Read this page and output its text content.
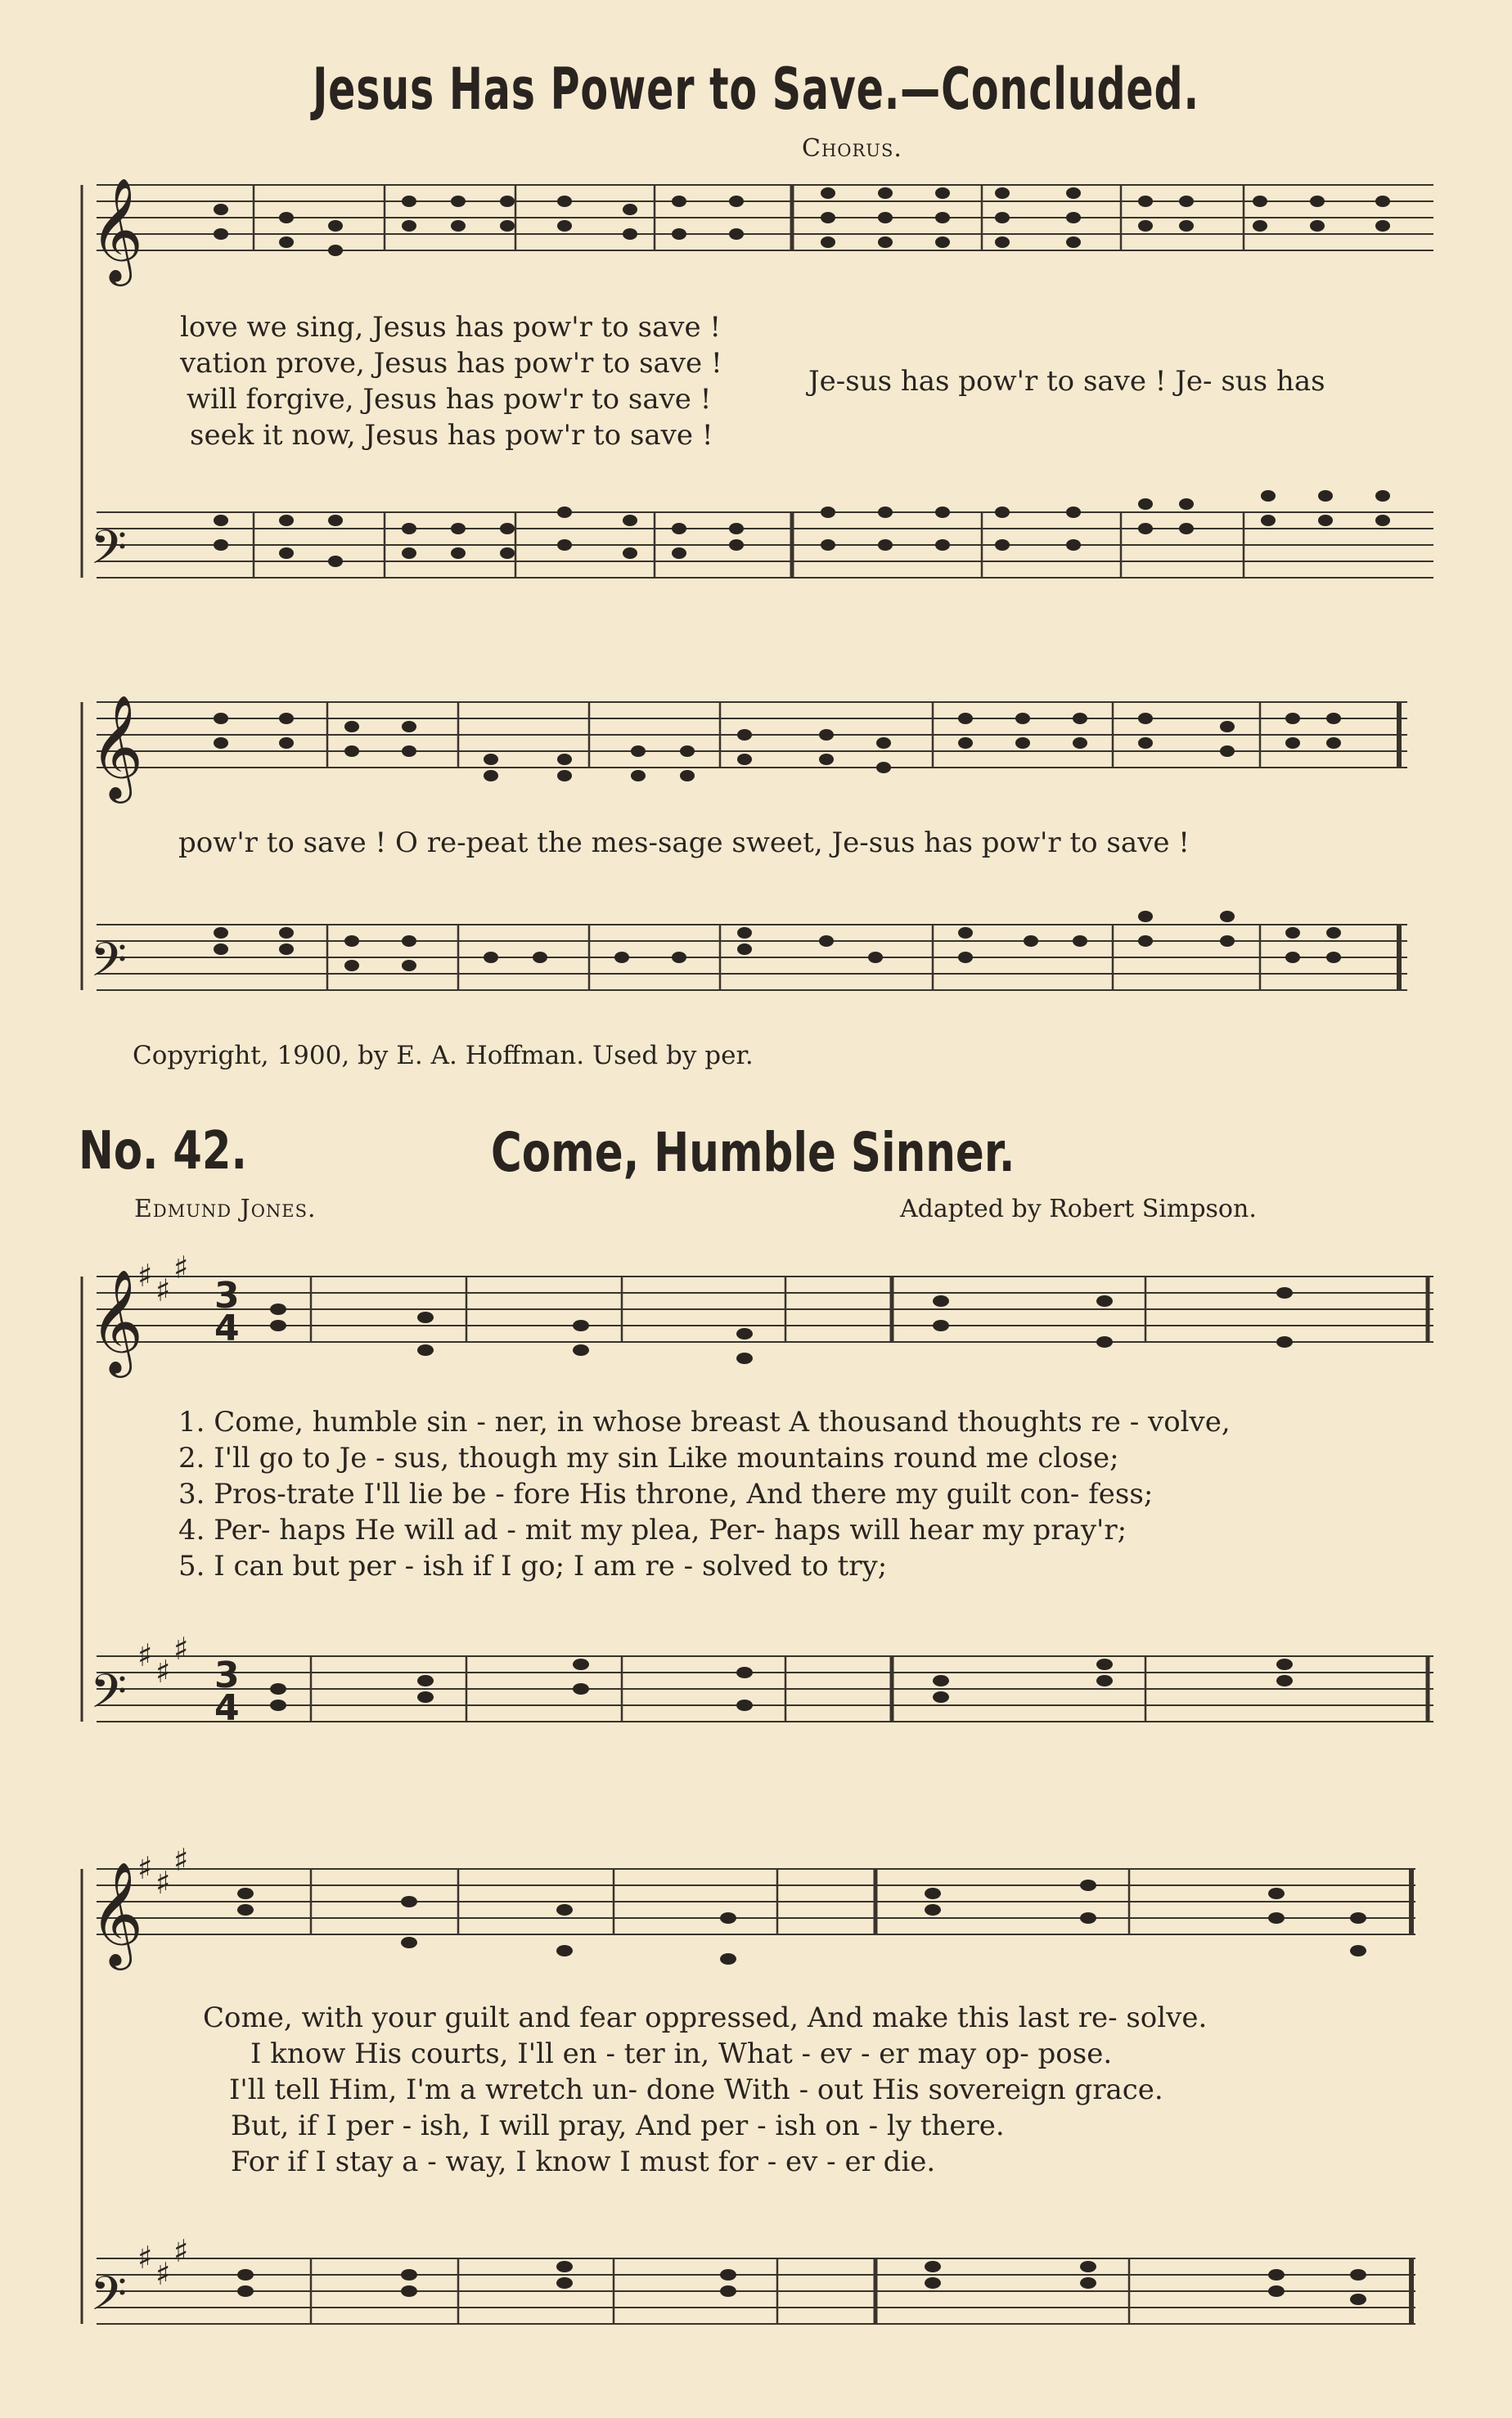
Jesus Has Power to Save.—Concluded.
Chorus.
𝄞
𝄢
𝄞
𝄢
𝄞
𝄢
𝄞
𝄢
♯ ♯
♯
3
4
♯ ♯
♯
3
4
♯ ♯
♯
♯ ♯
♯
love we sing, Jesus has pow'r to save !
vation prove, Jesus has pow'r to save !
will forgive, Jesus has pow'r to save !
seek it now, Jesus has pow'r to save !
Je-sus has pow'r to save ! Je- sus has
pow'r to save ! O re-peat the mes-sage sweet, Je-sus has pow'r to save !
Copyright, 1900, by E. A. Hoffman. Used by per.
No. 42.	Come, Humble Sinner.
Edmund Jones.	Adapted by Robert Simpson.
1. Come, humble sin - ner, in whose breast A thousand thoughts re - volve,
2. I'll go to Je - sus, though my sin Like mountains round me close;
3. Pros-trate I'll lie be - fore His throne, And there my guilt con- fess;
4. Per- haps He will ad - mit my plea, Per- haps will hear my pray'r;
5. I can but per - ish if I go; I am re - solved to try;
Come, with your guilt and fear oppressed, And make this last re- solve.
I know His courts, I'll en - ter in, What - ev - er may op- pose.
I'll tell Him, I'm a wretch un- done With - out His sovereign grace.
But, if I per - ish, I will pray, And per - ish on - ly there.
For if I stay a - way, I know I must for - ev - er die.
